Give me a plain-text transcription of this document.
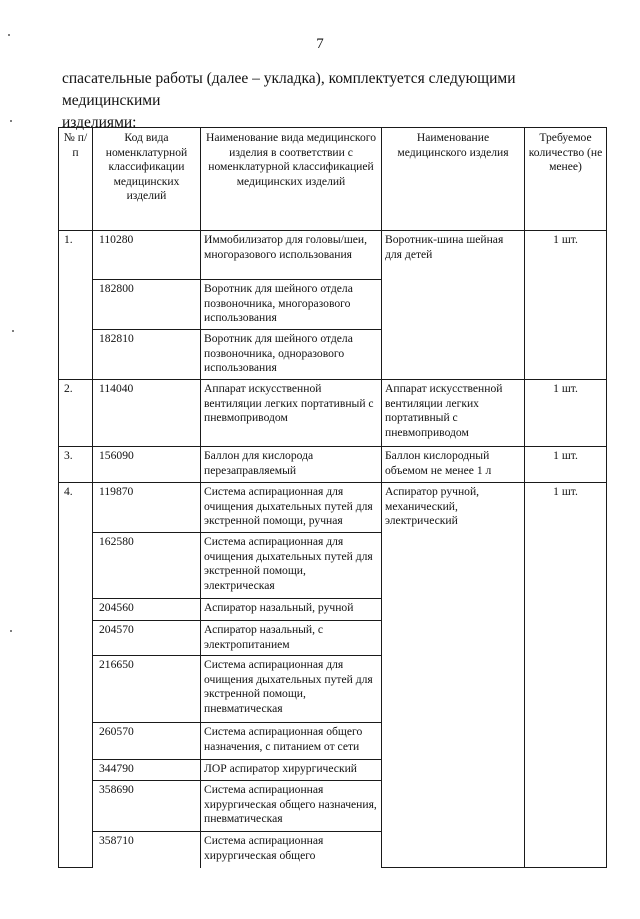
7
спасательные работы (далее – укладка), комплектуется следующими медицинскими
изделиями:
№ п/п	Код вида номенклатурной классификации медицинских изделий	Наименование вида медицинского изделия в соответствии с номенклатурной классификацией медицинских изделий	Наименование медицинского изделия	Требуемое количество (не менее)
1.	110280	Иммобилизатор для головы/шеи, многоразового использования	Воротник-шина шейная для детей	1 шт.
	182800	Воротник для шейного отдела позвоночника, многоразового использования		
	182810	Воротник для шейного отдела позвоночника, одноразового использования		
2.	114040	Аппарат искусственной вентиляции легких портативный с пневмоприводом	Аппарат искусственной вентиляции легких портативный с пневмоприводом	1 шт.
3.	156090	Баллон для кислорода перезаправляемый	Баллон кислородный объемом не менее 1 л	1 шт.
4.	119870	Система аспирационная для очищения дыхательных путей для экстренной помощи, ручная	Аспиратор ручной, механический, электрический	1 шт.
	162580	Система аспирационная для очищения дыхательных путей для экстренной помощи, электрическая		
	204560	Аспиратор назальный, ручной		
	204570	Аспиратор назальный, с электропитанием		
	216650	Система аспирационная для очищения дыхательных путей для экстренной помощи, пневматическая		
	260570	Система аспирационная общего назначения, с питанием от сети		
	344790	ЛОР аспиратор хирургический		
	358690	Система аспирационная хирургическая общего назначения, пневматическая		
	358710	Система аспирационная хирургическая общего		
